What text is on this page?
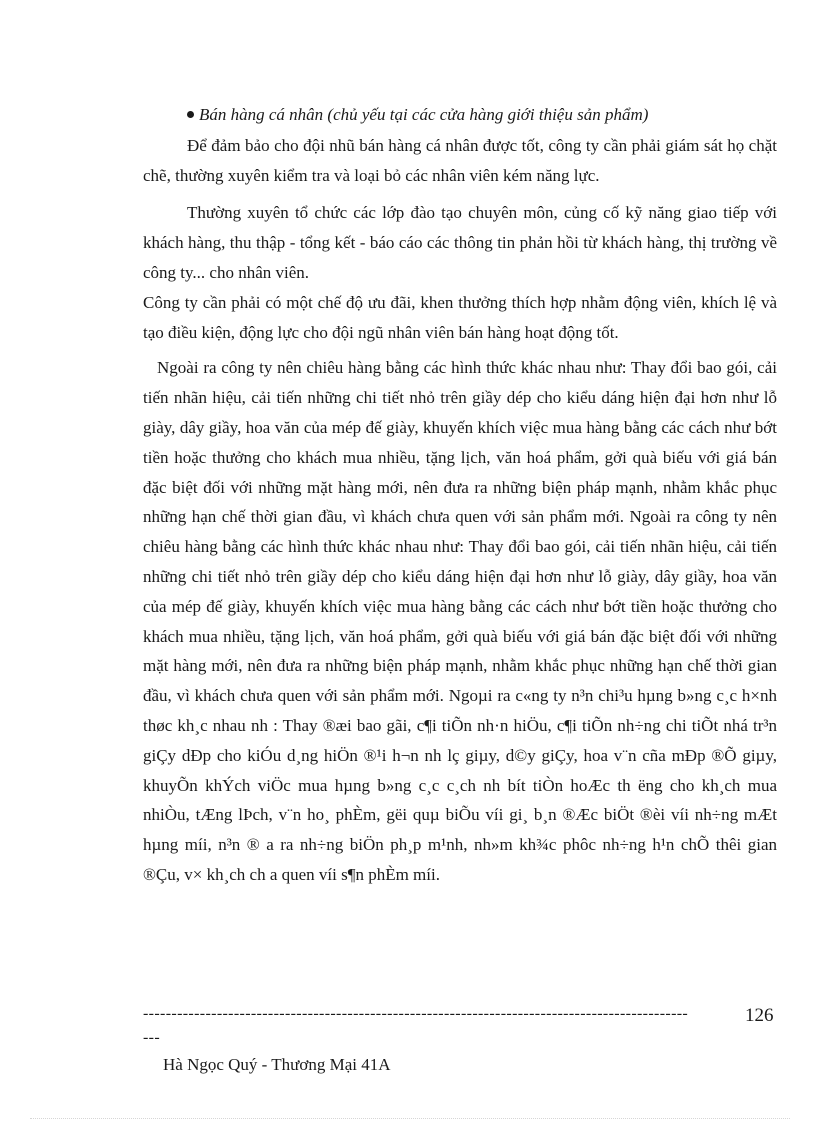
Bán hàng cá nhân (chủ yếu tại các cửa hàng giới thiệu sản phẩm)

Để đảm bảo cho đội nhũ bán hàng cá nhân được tốt, công ty cần phải giám sát họ chặt chẽ, thường xuyên kiểm tra và loại bỏ các nhân viên kém năng lực.

Thường xuyên tổ chức các lớp đào tạo chuyên môn, củng cố kỹ năng giao tiếp với khách hàng, thu thập - tổng kết - báo cáo các thông tin phản hồi từ khách hàng, thị trường về công ty... cho nhân viên.

Công ty cần phải có một chế độ ưu đãi, khen thưởng thích hợp nhằm động viên, khích lệ và tạo điều kiện, động lực cho đội ngũ nhân viên bán hàng hoạt động tốt.

Ngoài ra công ty nên chiêu hàng bằng các hình thức khác nhau như: Thay đổi bao gói, cải tiến nhãn hiệu, cải tiến những chi tiết nhỏ trên giầy dép cho kiểu dáng hiện đại hơn như lỗ giày, dây giầy, hoa văn của mép đế giày, khuyến khích việc mua hàng bằng các cách như bớt tiền hoặc thưởng cho khách mua nhiều, tặng lịch, văn hoá phẩm, gởi quà biếu với giá bán đặc biệt đối với những mặt hàng mới, nên đưa ra những biện pháp mạnh, nhằm khắc phục những hạn chế thời gian đầu, vì khách chưa quen với sản phẩm mới. Ngoài ra công ty nên chiêu hàng bằng các hình thức khác nhau như: Thay đổi bao gói, cải tiến nhãn hiệu, cải tiến những chi tiết nhỏ trên giầy dép cho kiểu dáng hiện đại hơn như lỗ giày, dây giầy, hoa văn của mép đế giày, khuyến khích việc mua hàng bằng các cách như bớt tiền hoặc thưởng cho khách mua nhiều, tặng lịch, văn hoá phẩm, gởi quà biếu với giá bán đặc biệt đối với những mặt hàng mới, nên đưa ra những biện pháp mạnh, nhằm khắc phục những hạn chế thời gian đầu, vì khách chưa quen với sản phẩm mới. Ngoµi ra c«ng ty n³n chi³u hµng b»ng c¸c h×nh thøc kh¸c nhau nh : Thay ®æi bao gãi, c¶i tiÕn nh·n hiÖu, c¶i tiÕn nh÷ng chi tiÕt nhá tr³n giÇy dÐp cho kiÓu d¸ng hiÖn ®¹i h¬n nh lç giµy, d©y giÇy, hoa v¨n cña mÐp ®Õ giµy, khuyÕn khÝch viÖc mua hµng b»ng c¸c c¸ch nh bít tiÒn hoÆc th ëng cho kh¸ch mua nhiÒu, tÆng lÞch, v¨n ho¸ phÈm, gëi quµ biÕu víi gi¸ b¸n ®Æc biÖt ®èi víi nh÷ng mÆt hµng míi, n³n ® a ra nh÷ng biÖn ph¸p m¹nh, nh»m kh¾c phôc nh÷ng h¹n chÕ thêi gian ®Çu, v× kh¸ch ch a quen víi s¶n phÈm míi.

------------------------------------------------------------------------------------------------
---
126
Hà Ngọc Quý - Thương Mại 41A
